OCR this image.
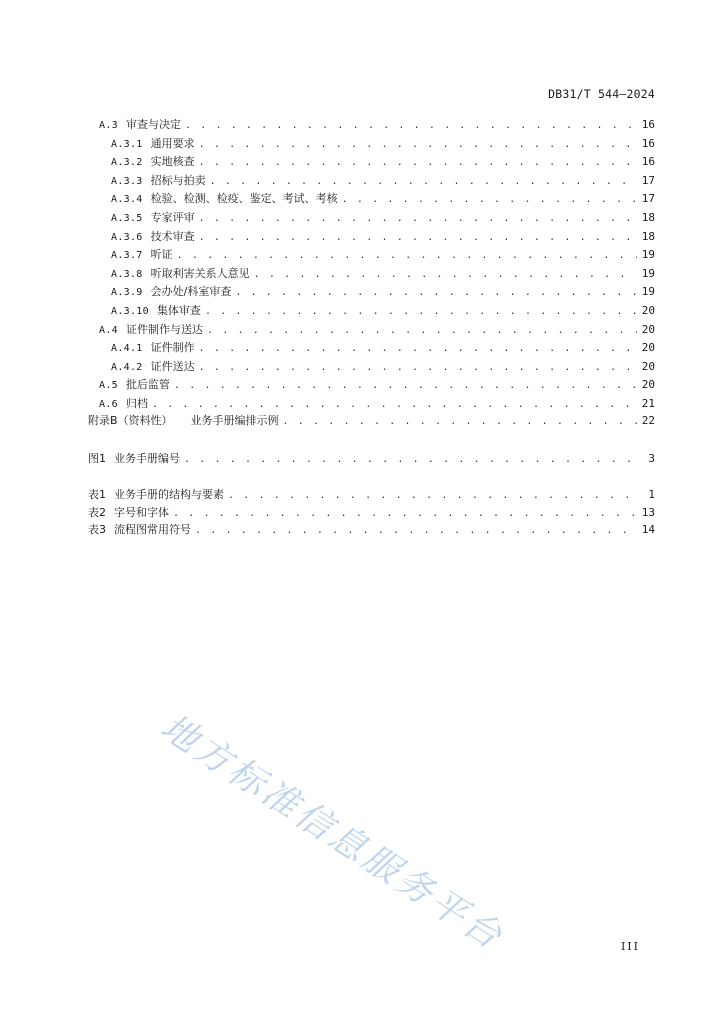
DB31/T 544—2024
A.3 审查与决定 . . .	16
A.3.1 通用要求 . . .	16
A.3.2 实地核查 . . .	16
A.3.3 招标与拍卖 . . .	17
A.3.4 检验、检测、检疫、鉴定、考试、考核 . . .	17
A.3.5 专家评审 . . .	18
A.3.6 技术审查 . . .	18
A.3.7 听证 . . .	19
A.3.8 听取利害关系人意见 . . .	19
A.3.9 会办处/科室审查 . . .	19
A.3.10 集体审查 . . .	20
A.4 证件制作与送达 . . .	20
A.4.1 证件制作 . . .	20
A.4.2 证件送达 . . .	20
A.5 批后监管 . . .	20
A.6 归档 . . .	21
附录B（资料性） 业务手册编排示例 . . .	22
图1 业务手册编号 . . .	3
表1 业务手册的结构与要素 . . .	1
表2 字号和字体 . . .	13
表3 流程图常用符号 . . .	14
地方标准信息服务平台	III
